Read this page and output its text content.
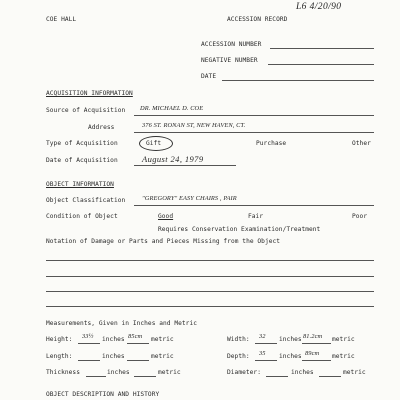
COE HALL	ACCESSION RECORD
L6 4/20/90
ACCESSION NUMBER
NEGATIVE NUMBER
DATE
ACQUISITION INFORMATION
Source of Acquisition DR. MICHAEL D. COE
Address	376 ST. RONAN ST, NEW HAVEN, CT.
Type of Acquisition	Gift	Purchase	Other
Date of Acquisition	August 24, 1979
OBJECT INFORMATION
Object Classification	"GREGORY" EASY CHAIRS , PAIR
Condition of Object	Good	Fair	Poor
Requires Conservation Examination/Treatment
Notation of Damage or Parts and Pieces Missing from the Object
Measurements, Given in Inches and Metric
Height: 33½ inches 85cm metric	Width: 32 inches 81.2cm metric
Length:	inches	metric	Depth: 35 inches 89cm metric
Thickness	inches	metric	Diameter:	inches	metric
OBJECT DESCRIPTION AND HISTORY
